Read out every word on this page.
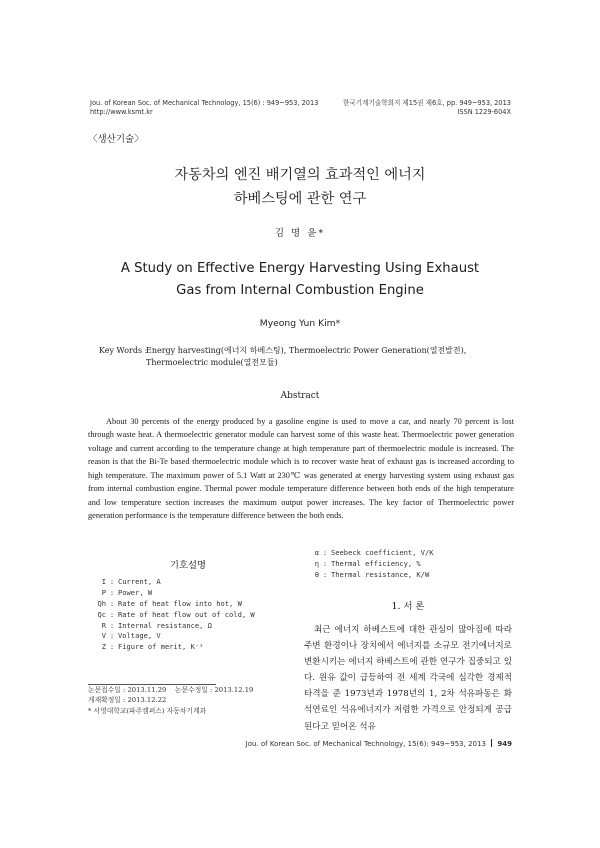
Jou. of Korean Soc. of Mechanical Technology, 15(6) : 949~953, 2013
http://www.ksmt.kr
한국기계기술학회지 제15권 제6호, pp. 949~953, 2013
ISSN 1229-604X
〈생산기술〉
자동차의 엔진 배기열의 효과적인 에너지
하베스팅에 관한 연구
김 명 윤*
A Study on Effective Energy Harvesting Using Exhaust
Gas from Internal Combustion Engine
Myeong Yun Kim*
Key Words :
Energy harvesting(에너지 하베스팅), Thermoelectric Power Generation(열전발전),
Thermoelectric module(열전모듈)
Abstract

About 30 percents of the energy produced by a gasoline engine is used to move a car, and nearly 70 percent is lost through waste heat. A thermoelectric generator module can harvest some of this waste heat. Thermoelectric power generation voltage and current according to the temperature change at high temperature part of thermoelectric module is increased. The reason is that the Bi-Te based thermoelectric module which is to recover waste heat of exhaust gas is increased according to high temperature. The maximum power of 5.1 Watt at 230℃ was generated at energy harvesting system using exhaust gas from internal combustion engine. Thermal power module temperature difference between both ends of the high temperature and low temperature section increases the maximum output power increases. The key factor of Thermoelectric power generation performance is the temperature difference between the both ends.

기호설명
I : Current, A
P : Power, W
Qh : Rate of heat flow into hot, W
Qc : Rate of heat flow out of cold, W
R : Internal resistance, Ω
V : Voltage, V
Z : Figure of merit, K⁻¹
논문접수일 : 2013.11.29 논문수정일 : 2013.12.19
게재확정일 : 2013.12.22
* 서영대학교(파주캠퍼스) 자동차기계과
α : Seebeck coefficient, V/K
η : Thermal efficiency, %
θ : Thermal resistance, K/W
1. 서 론

최근 에너지 하베스트에 대한 관심이 많아짐에 따라 주변 환경이나 장치에서 에너지를 소규모 전기에너지로 변환시키는 에너지 하베스트에 관한 연구가 집중되고 있다. 원유 값이 급등하여 전 세계 각국에 심각한 경제적 타격을 준 1973년과 1978년의 1, 2차 석유파동은 화석연료인 석유에너지가 저렴한 가격으로 안정되게 공급된다고 믿어온 석유

Jou. of Korean Soc. of Mechanical Technology, 15(6): 949~953, 2013 949
